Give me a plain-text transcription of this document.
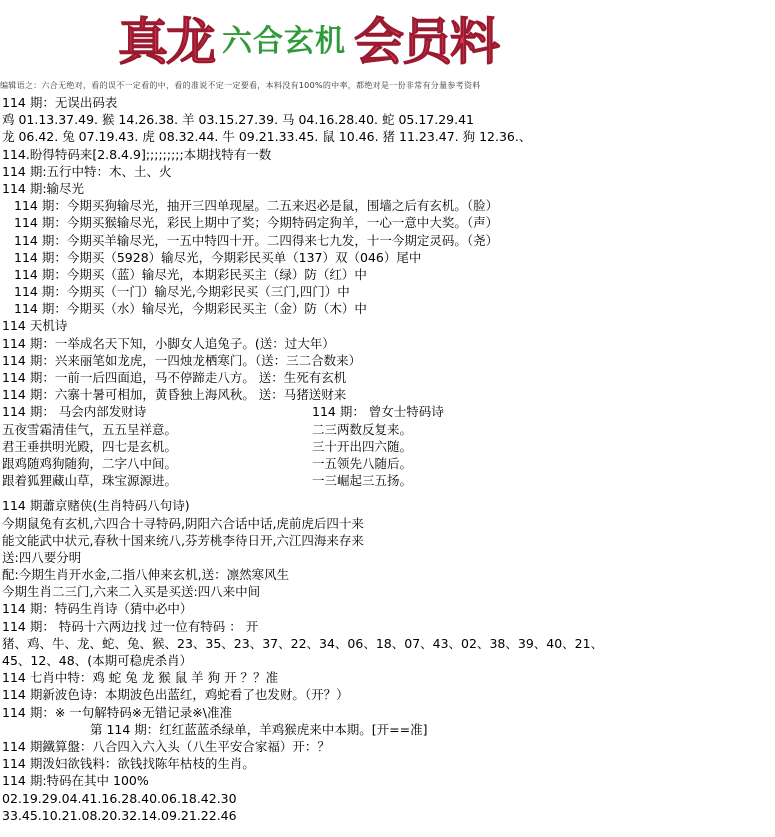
真龙 六合玄机 会员料
编辑语之：六合无绝对，看的误不一定看的中，看的准说不定一定要看，本料没有100%的中率，都绝对是一份非常有分量参考资料
114 期：无误出码表
鸡 01.13.37.49. 猴 14.26.38. 羊 03.15.27.39. 马 04.16.28.40. 蛇 05.17.29.41
龙 06.42. 兔 07.19.43. 虎 08.32.44. 牛 09.21.33.45. 鼠 10.46. 猪 11.23.47. 狗 12.36.、
114.盼得特码来[2.8.4.9];;;;;;;;;本期找特有一数
114 期:五行中特：木、土、火
114 期:输尽光
114 期：今期买狗输尽光，抽开三四单现屋。二五来迟必是鼠，围墙之后有玄机。（脸）
114 期：今期买猴输尽光，彩民上期中了奖；今期特码定狗羊，一心一意中大奖。（声）
114 期：今期买羊输尽光，一五中特四十开。二四得来七九发，十一今期定灵码。（尧）
114 期：今期买（5928）输尽光，今期彩民买单（137）双（046）尾中
114 期：今期买（蓝）输尽光，本期彩民买主（绿）防（红）中
114 期：今期买（一门）输尽光,今期彩民买（三门,四门）中
114 期：今期买（水）输尽光，今期彩民买主（金）防（木）中
114 天机诗
114 期：一举成名天下知，小脚女人追兔子。(送：过大年）
114 期：兴来丽笔如龙虎，一四烛龙栖寒门。（送：三二合数来）
114 期：一前一后四面追，马不停蹄走八方。 送：生死有玄机
114 期：六寨十暑可相加，黄昏独上海风秋。 送：马猪送财来
114 期： 马会内部发财诗
五夜雪霜清佳气，五五呈祥意。
君王垂拱明光殿，四七是玄机。
跟鸡随鸡狗随狗，二字八中间。
跟着狐狸藏山草，珠宝源源进。
114 期： 曾女士特码诗
二三两数反复来。
三十开出四六随。
一五领先八随后。
一三崛起三五扬。
114 期蕭京赌侠(生肖特码八句诗)
今期鼠兔有玄机,六四合十寻特码,阴阳六合话中话,虎前虎后四十来
能文能武中状元,春秋十国来统八,芬芳桃李待日开,六江四海来存来
送:四八要分明
配:今期生肖开水金,二指八伸来玄机,送：凛然寒风生
今期生肖二三门,六来二入买是买送:四八来中间
114 期：特码生肖诗（猜中必中）
114 期： 特码十六两边找 过一位有特码 ： 开
猪、鸡、牛、龙、蛇、兔、猴、23、35、23、37、22、34、06、18、07、43、02、38、39、40、21、
45、12、48、(本期可稳虎杀肖）
114 七肖中特：鸡 蛇 兔 龙 猴 鼠 羊 狗 开 ？？准
114 期新波色诗：本期波色出蓝红，鸡蛇看了也发财。（开？）
114 期：※ 一句解特码※无错记录※\准准
第 114 期：红红蓝蓝杀绿单，羊鸡猴虎来中本期。[开==准]
114 期鐵算盤：八合四入六入头（八生平安合家福）开：？
114 期泼妇欲钱料：欲钱找陈年枯枝的生肖。
114 期:特码在其中 100%
02.19.29.04.41.16.28.40.06.18.42.30
33.45.10.21.08.20.32.14.09.21.22.46
